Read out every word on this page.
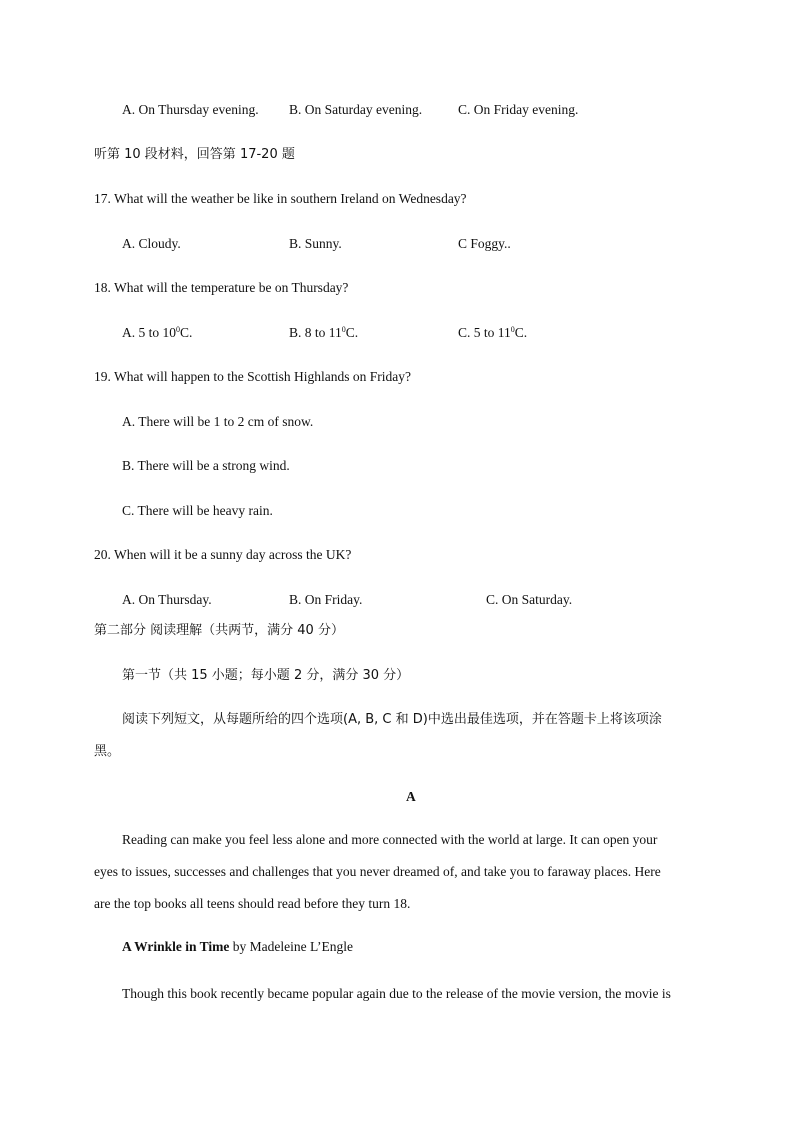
A. On Thursday evening. B. On Saturday evening.	C. On Friday evening.
听第 10 段材料，回答第 17-20 题
17. What will the weather be like in southern Ireland on Wednesday?
A. Cloudy.	B. Sunny.	C Foggy..
18. What will the temperature be on Thursday?
A. 5 to $10^0C$.	B. 8 to $11^0C$.	C. 5 to $11^0C$.
19. What will happen to the Scottish Highlands on Friday?
A. There will be 1 to 2 cm of snow.
B. There will be a strong wind.
C. There will be heavy rain.
20. When will it be a sunny day across the UK?
A. On Thursday.	B. On Friday.	C. On Saturday.
第二部分 阅读理解（共两节，满分 40 分）
第一节（共 15 小题；每小题 2 分，满分 30 分）
阅读下列短文，从每题所给的四个选项(A, B, C 和 D)中选出最佳选项，并在答题卡上将该项涂
黑。
A
Reading can make you feel less alone and more connected with the world at large. It can open your
eyes to issues, successes and challenges that you never dreamed of, and take you to faraway places. Here
are the top books all teens should read before they turn 18.
A Wrinkle in Time by Madeleine L’Engle
Though this book recently became popular again due to the release of the movie version, the movie is
